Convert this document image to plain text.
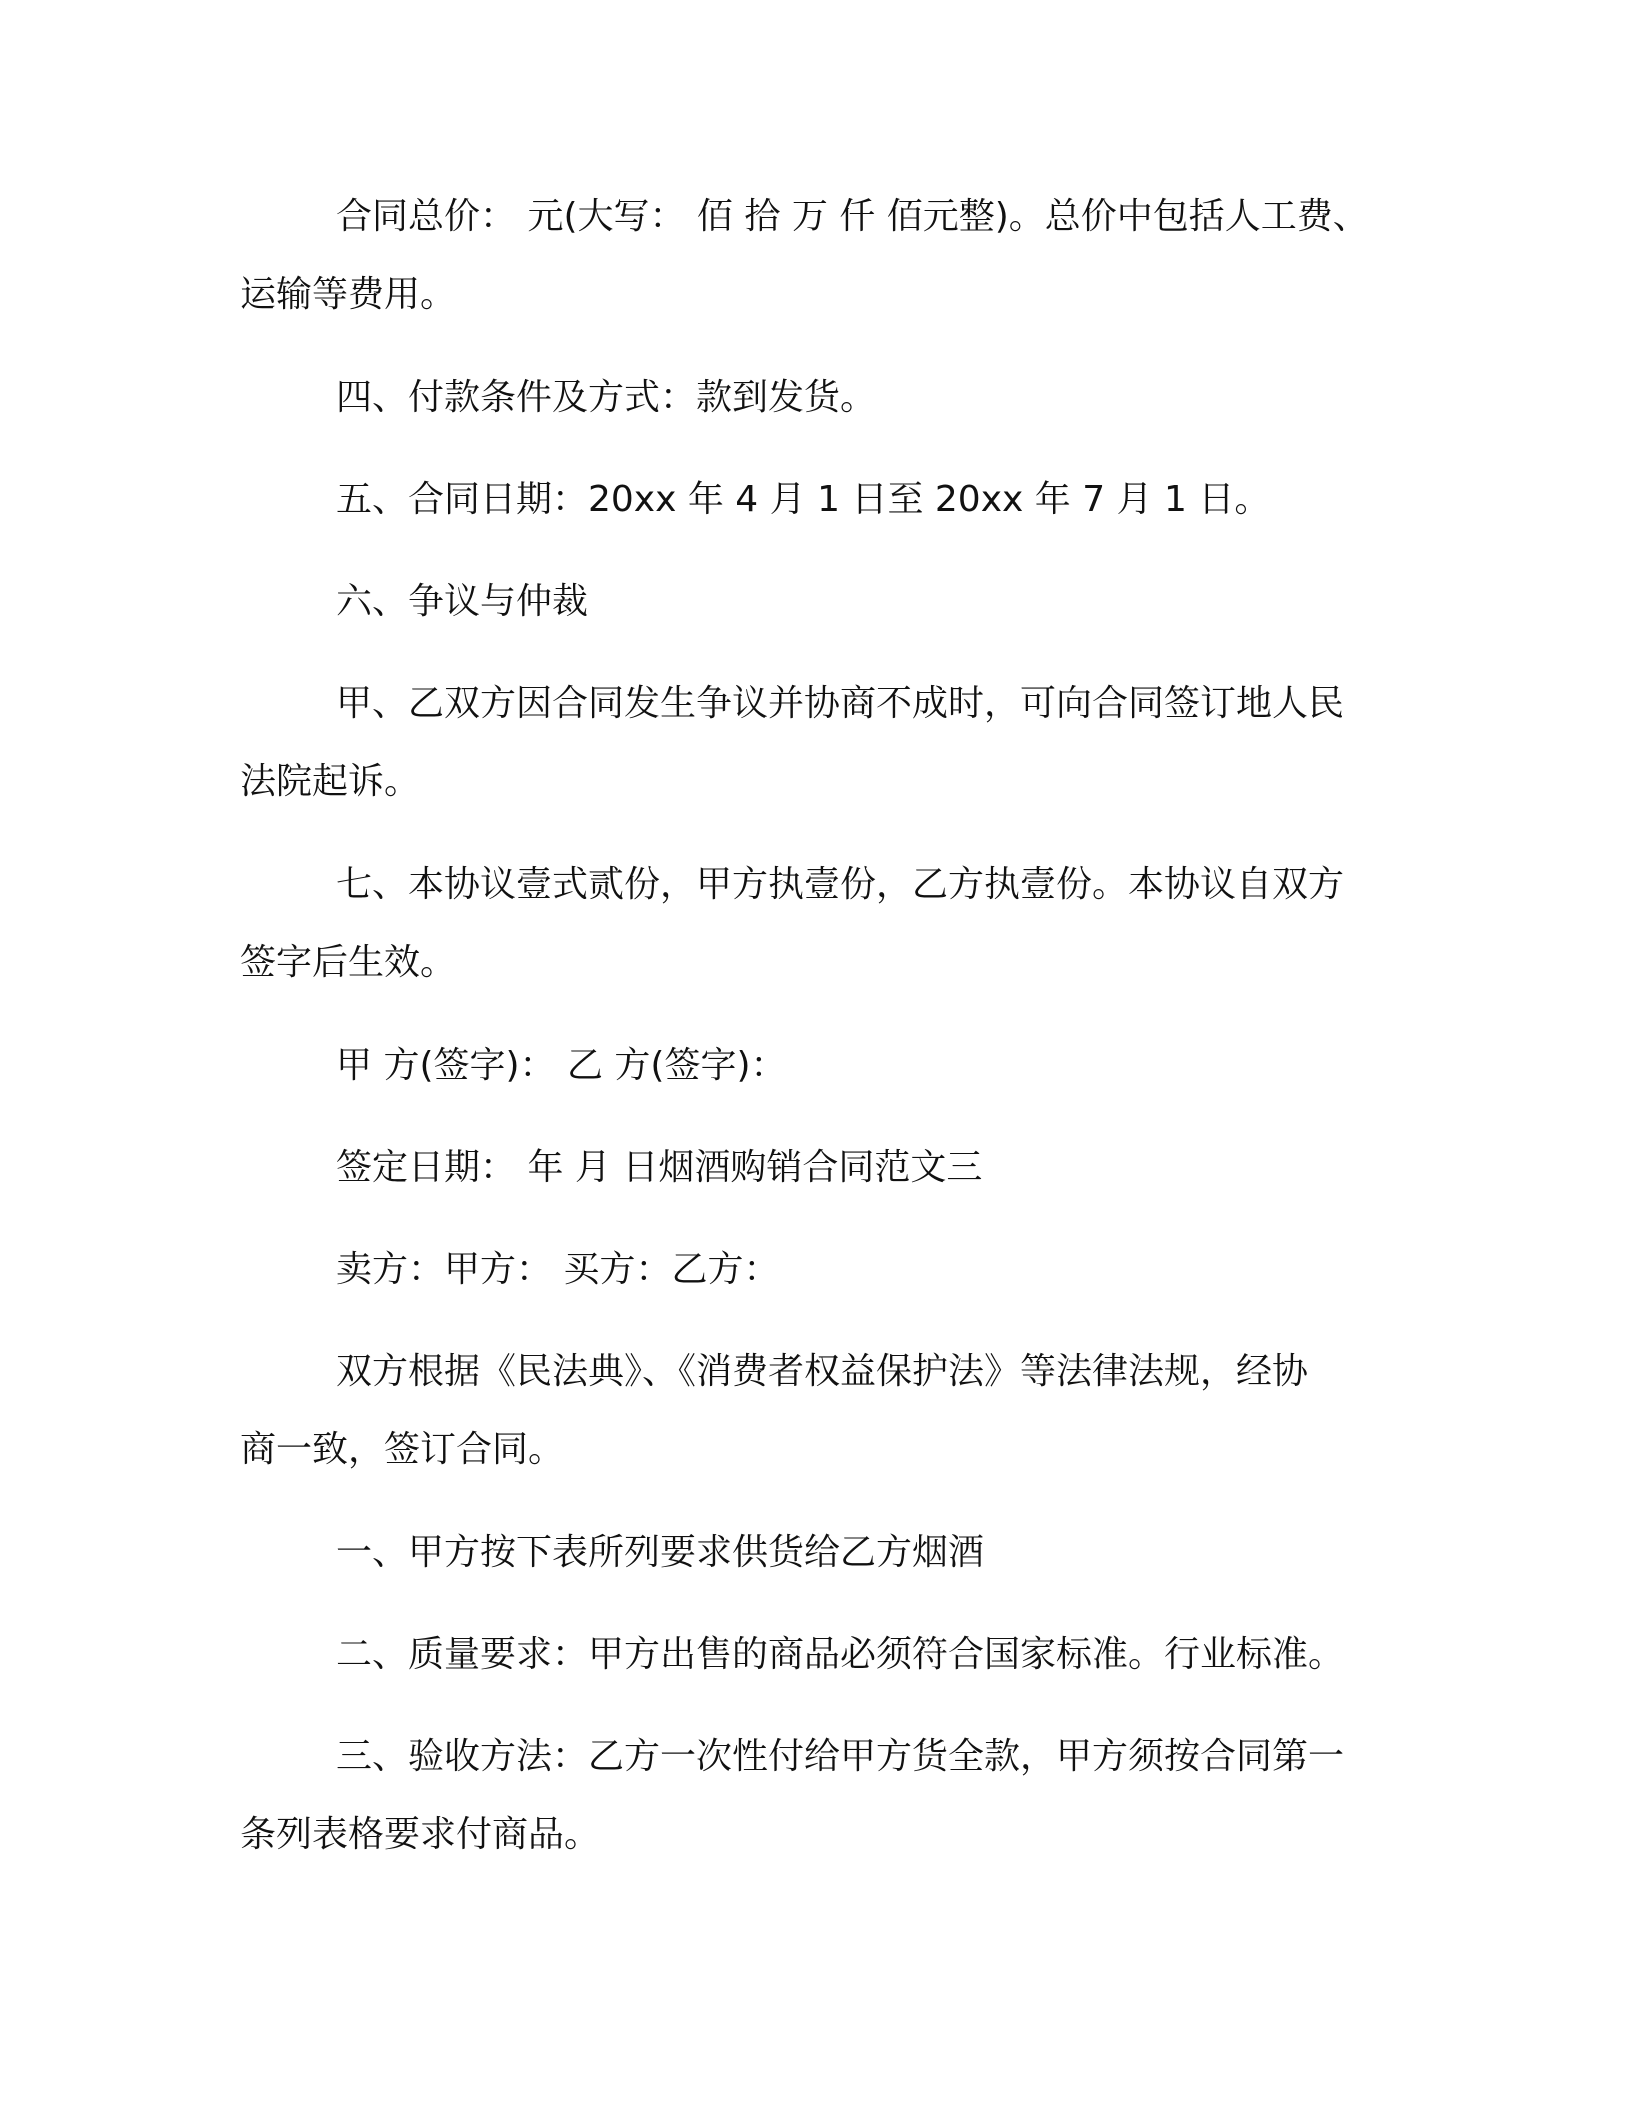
合同总价： 元(大写： 佰 拾 万 仟 佰元整)。总价中包括人工费、
运输等费用。
四、付款条件及方式：款到发货。
五、合同日期：20xx 年 4 月 1 日至 20xx 年 7 月 1 日。
六、争议与仲裁
甲、乙双方因合同发生争议并协商不成时，可向合同签订地人民
法院起诉。
七、本协议壹式贰份，甲方执壹份，乙方执壹份。本协议自双方
签字后生效。
甲 方(签字)： 乙 方(签字)：
签定日期： 年 月 日烟酒购销合同范文三
卖方：甲方： 买方：乙方：
双方根据《民法典》、《消费者权益保护法》等法律法规，经协
商一致，签订合同。
一、甲方按下表所列要求供货给乙方烟酒
二、质量要求：甲方出售的商品必须符合国家标准。行业标准。
三、验收方法：乙方一次性付给甲方货全款，甲方须按合同第一
条列表格要求付商品。
